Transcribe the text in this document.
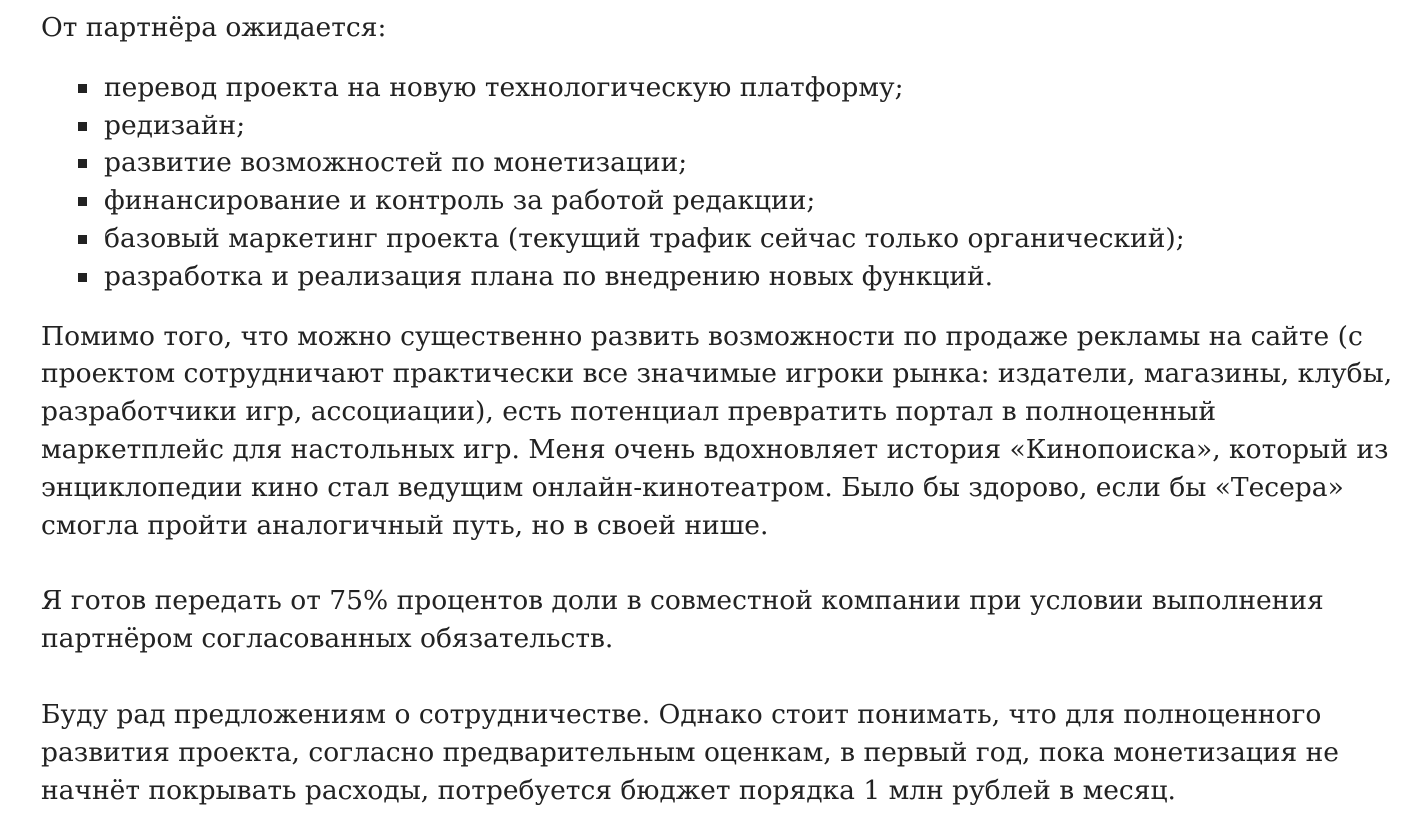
От партнёра ожидается:

перевод проекта на новую технологическую платформу;
редизайн;
развитие возможностей по монетизации;
финансирование и контроль за работой редакции;
базовый маркетинг проекта (текущий трафик сейчас только органический);
разработка и реализация плана по внедрению новых функций.

Помимо того, что можно существенно развить возможности по продаже рекламы на сайте (с проектом сотрудничают практически все значимые игроки рынка: издатели, магазины, клубы, разработчики игр, ассоциации), есть потенциал превратить портал в полноценный маркетплейс для настольных игр. Меня очень вдохновляет история «Кинопоиска», который из энциклопедии кино стал ведущим онлайн-кинотеатром. Было бы здорово, если бы «Тесера» смогла пройти аналогичный путь, но в своей нише.

Я готов передать от 75% процентов доли в совместной компании при условии выполнения партнёром согласованных обязательств.

Буду рад предложениям о сотрудничестве. Однако стоит понимать, что для полноценного развития проекта, согласно предварительным оценкам, в первый год, пока монетизация не начнёт покрывать расходы, потребуется бюджет порядка 1 млн рублей в месяц.
